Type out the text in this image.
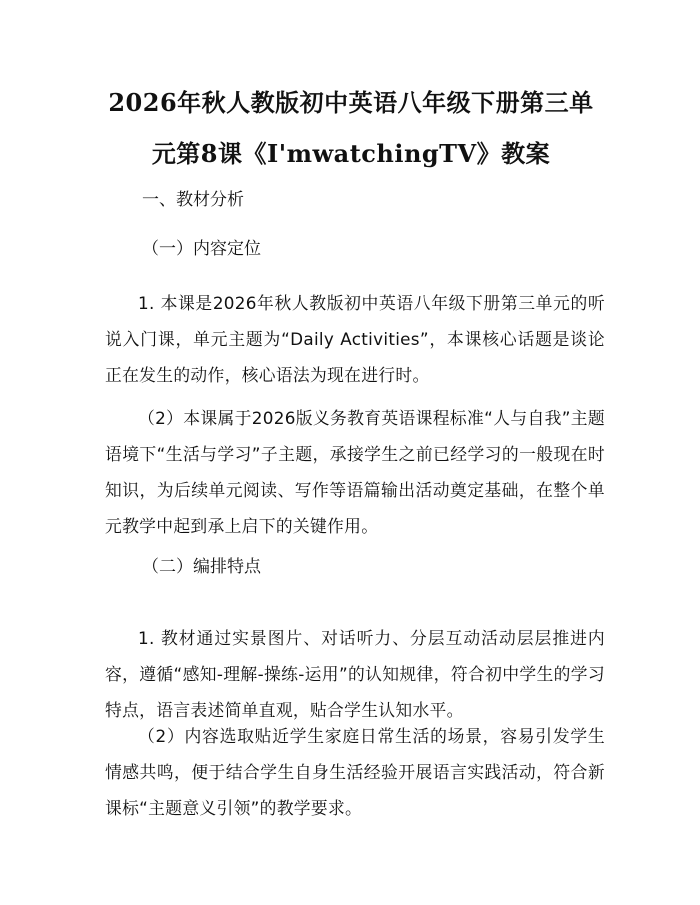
2026年秋人教版初中英语八年级下册第三单
元第8课《I'mwatchingTV》教案
一、教材分析
（一）内容定位
1. 本课是2026年秋人教版初中英语八年级下册第三单元的听说入门课，单元主题为“Daily Activities”，本课核心话题是谈论正在发生的动作，核心语法为现在进行时。
（2）本课属于2026版义务教育英语课程标准“人与自我”主题语境下“生活与学习”子主题，承接学生之前已经学习的一般现在时知识，为后续单元阅读、写作等语篇输出活动奠定基础，在整个单元教学中起到承上启下的关键作用。
（二）编排特点
1. 教材通过实景图片、对话听力、分层互动活动层层推进内容，遵循“感知-理解-操练-运用”的认知规律，符合初中学生的学习特点，语言表述简单直观，贴合学生认知水平。
（2）内容选取贴近学生家庭日常生活的场景，容易引发学生情感共鸣，便于结合学生自身生活经验开展语言实践活动，符合新课标“主题意义引领”的教学要求。
